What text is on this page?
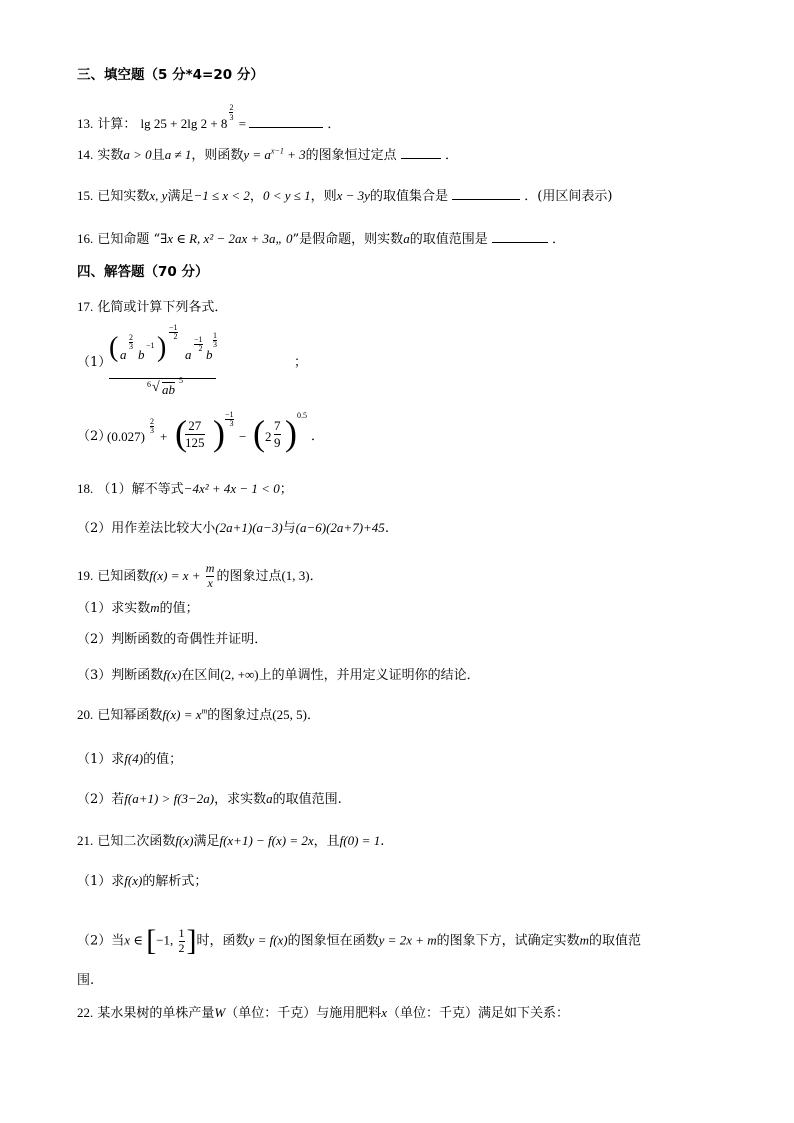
三、填空题（5 分*4=20 分）
13. 计算： lg 25 + 2lg 2 + 8
$\frac{2}{3}$
=	．
14. 实数a > 0且a ≠ 1，则函数$y = a^{x-1} + 3$的图象恒过定点	．
15. 已知实数x, y满足−1 ≤ x < 2，0 < y ≤ 1，则x − 3y的取值集合是	．(用区间表示)
16. 已知命题 “∃x ∈ R, x² − 2ax + 3a„ 0”是假命题，则实数a的取值范围是	．
四、解答题（70 分）
17. 化简或计算下列各式．
（1）
( a
2
3
b
−1 )
−1
2
a
−1
2 b
1
3
6 √ ab
5
；
（2）
(0.027)
2
3 + ( 27
125 ) −1
3
− ( 2
7
9 ) 0.5
．
18. （1）解不等式−4x² + 4x − 1 < 0；
（2）用作差法比较大小(2a+1)(a−3)与(a−6)(2a+7)+45.
19. 已知函数$f(x) = x + \frac{m}{x}$ 的图象过点(1, 3)．
（1）求实数m的值；
（2）判断函数的奇偶性并证明．
（3）判断函数f(x)在区间(2, +∞)上的单调性，并用定义证明你的结论．
20. 已知幂函数$f(x) = x^m$的图象过点(25, 5)．
（1）求f(4)的值；
（2）若f(a+1) > f(3−2a)，求实数a的取值范围.
21. 已知二次函数f(x)满足f(x+1) − f(x) = 2x，且f(0) = 1.
（1）求f(x)的解析式；
（2）当x ∈ [−1, $\frac{1}{2}$ ]时，函数y = f(x)的图象恒在函数y = 2x + m的图象下方，试确定实数m的取值范
围.
22. 某水果树的单株产量W（单位：千克）与施用肥料x（单位：千克）满足如下关系：
